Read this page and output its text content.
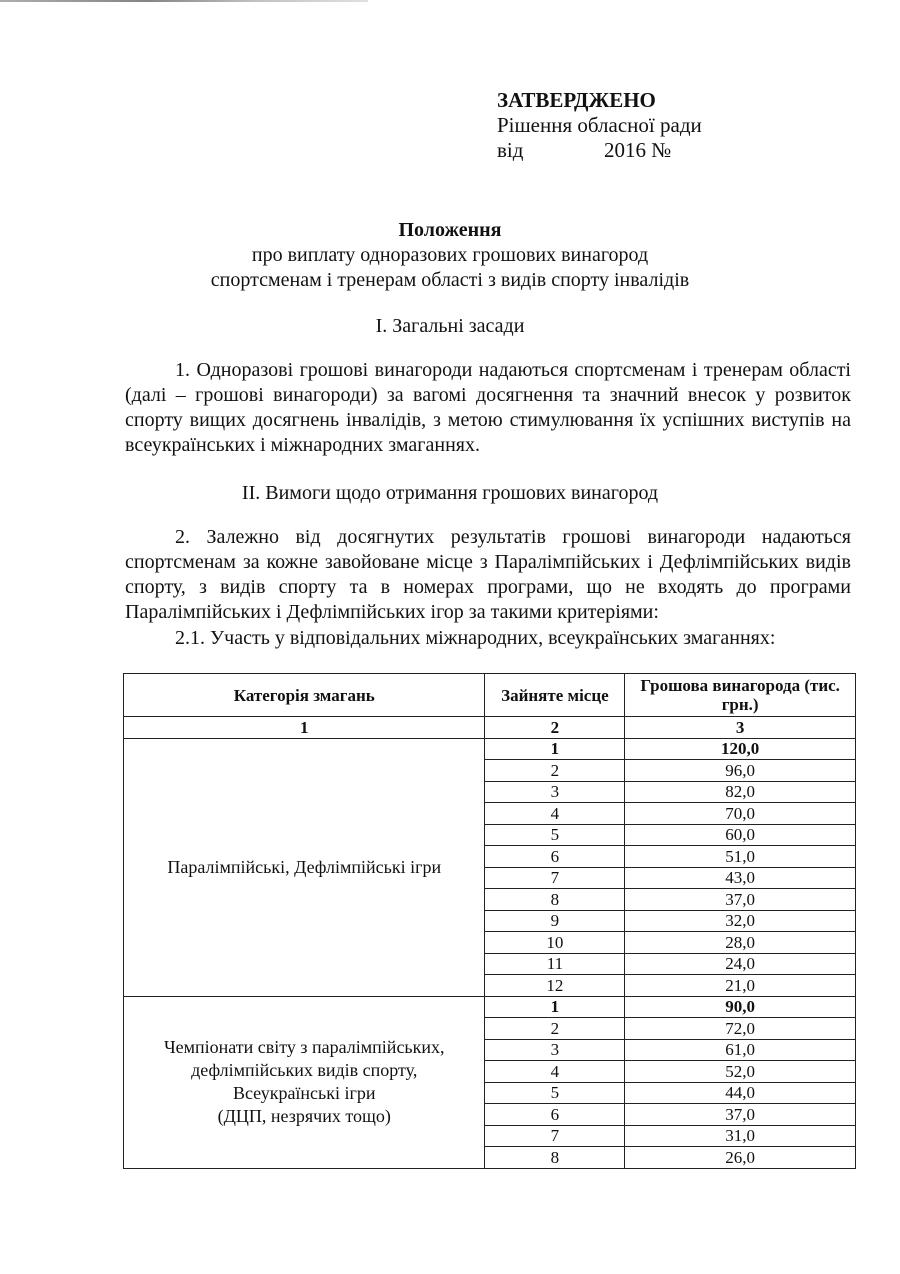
ЗАТВЕРДЖЕНО
Рішення обласної ради
від	2016 №
Положення
про виплату одноразових грошових винагород
спортсменам і тренерам області з видів спорту інвалідів
I. Загальні засади
1. Одноразові грошові винагороди надаються спортсменам і тренерам області (далі – грошові винагороди) за вагомі досягнення та значний внесок у розвиток спорту вищих досягнень інвалідів, з метою стимулювання їх успішних виступів на всеукраїнських і міжнародних змаганнях.
II. Вимоги щодо отримання грошових винагород
2. Залежно від досягнутих результатів грошові винагороди надаються спортсменам за кожне завойоване місце з Паралімпійських і Дефлімпійських видів спорту, з видів спорту та в номерах програми, що не входять до програми Паралімпійських і Дефлімпійських ігор за такими критеріями:
2.1. Участь у відповідальних міжнародних, всеукраїнських змаганнях:
Категорія змагань	Зайняте місце	Грошова винагорода (тис. грн.)
1	2	3
Паралімпійські, Дефлімпійські ігри	1	120,0
	2	96,0
	3	82,0
	4	70,0
	5	60,0
	6	51,0
	7	43,0
	8	37,0
	9	32,0
	10	28,0
	11	24,0
	12	21,0

Чемпіонати світу з паралімпійських,
дефлімпійських видів спорту,
Всеукраїнські ігри
(ДЦП, незрячих тощо)	1	90,0
	2	72,0
	3	61,0
	4	52,0
	5	44,0
	6	37,0
	7	31,0
	8	26,0
